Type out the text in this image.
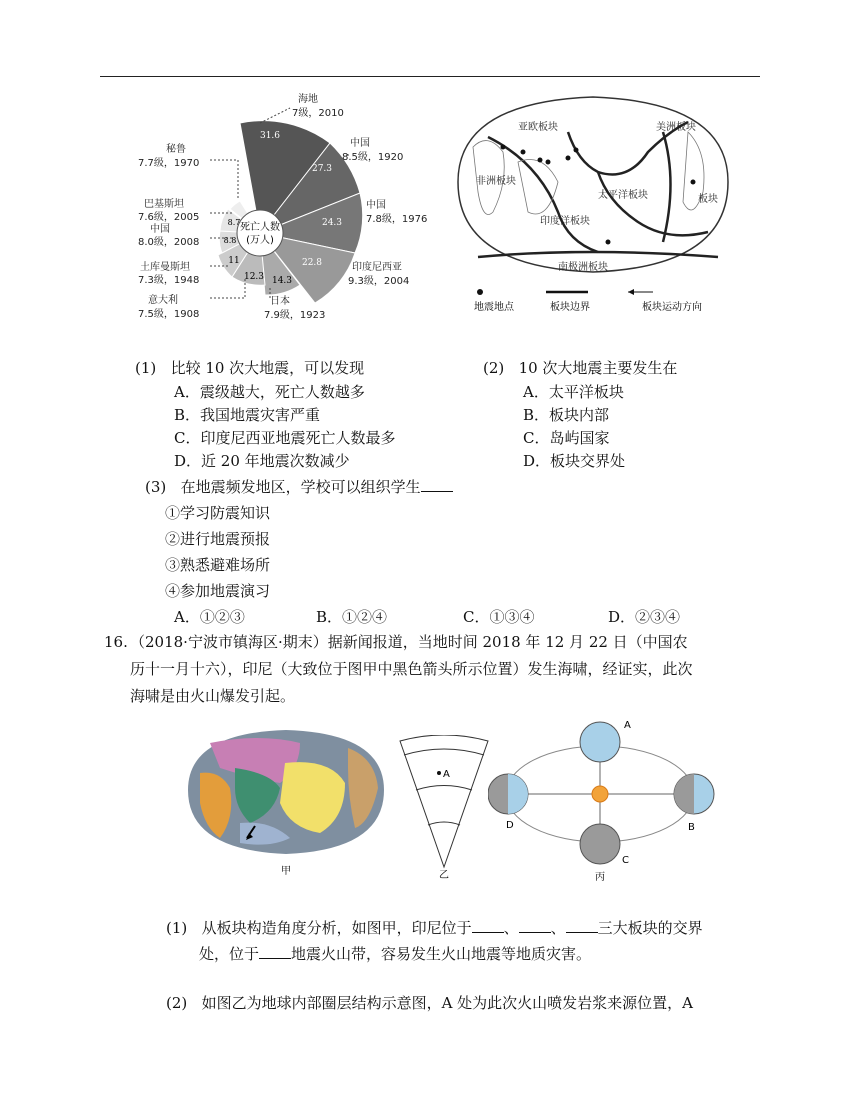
死亡人数
(万人)
31.6
27.3
24.3
22.8
14.3
12.3
11
8.8
8.7
海地
7级，2010
中国
8.5级，1920
中国
7.8级，1976
印度尼西亚
9.3级，2004
日本
7.9级，1923
意大利
7.5级，1908
土库曼斯坦
7.3级，1948
中国
8.0级，2008
巴基斯坦
7.6级，2005
秘鲁
7.7级，1970
亚欧板块	美洲板块
非洲板块
太平洋板块
印度洋板块
南极洲板块
板块
地震地点	板块边界	板块运动方向
(1) 比较 10 次大地震，可以发现
A．震级越大，死亡人数越多
B．我国地震灾害严重
C．印度尼西亚地震死亡人数最多
D．近 20 年地震次数减少
(2) 10 次大地震主要发生在
A．太平洋板块
B．板块内部
C．岛屿国家
D．板块交界处
(3) 在地震频发地区，学校可以组织学生
①学习防震知识
②进行地震预报
③熟悉避难场所
④参加地震演习
A．①②③	B．①②④	C．①③④	D．②③④
16. （2018·宁波市镇海区·期末）据新闻报道，当地时间 2018 年 12 月 22 日（中国农
历十一月十六），印尼（大致位于图甲中黑色箭头所示位置）发生海啸，经证实，此次
海啸是由火山爆发引起。
甲
A
乙
A
B
C
D
丙
(1) 从板块构造角度分析，如图甲，印尼位于 、 、 三大板块的交界
处，位于 地震火山带，容易发生火山地震等地质灾害。
(2) 如图乙为地球内部圈层结构示意图，A 处为此次火山喷发岩浆来源位置，A
